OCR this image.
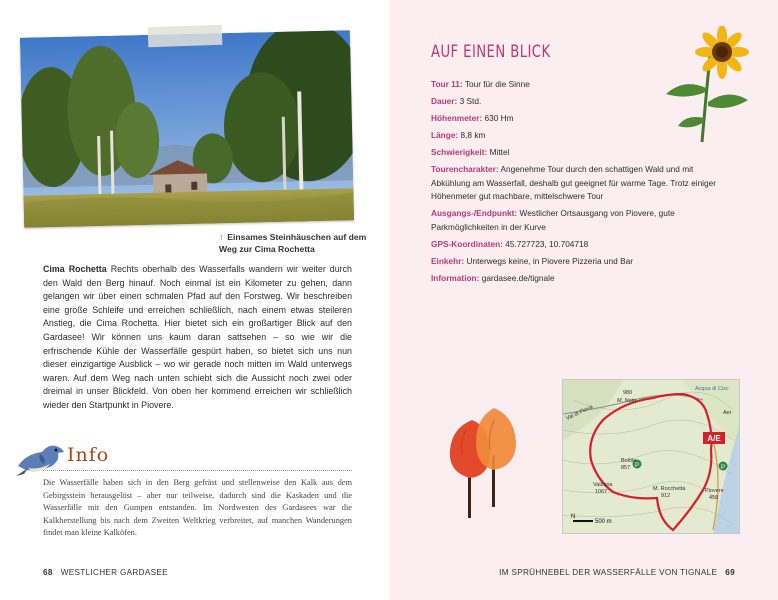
↑ Einsames Steinhäuschen auf dem Weg zur Cima Rochetta
Cima Rochetta Rechts oberhalb des Wasserfalls wandern wir weiter durch den Wald den Berg hinauf. Noch einmal ist ein Kilometer zu gehen, dann gelangen wir über einen schmalen Pfad auf den Forstweg. Wir beschreiben eine große Schleife und erreichen schließlich, nach einem etwas steileren Anstieg, die Cima Rochetta. Hier bietet sich ein großartiger Blick auf den Gardasee! Wir können uns kaum daran sattsehen – so wie wir die erfrischende Kühle der Wasserfälle gespürt haben, so bietet sich uns nun dieser einzigartige Ausblick – wo wir gerade noch mitten im Wald unterwegs waren. Auf dem Weg nach unten schiebt sich die Aussicht noch zwei oder dreimal in unser Blickfeld. Von oben her kommend erreichen wir schließlich wieder den Startpunkt in Piovere.
Info
Die Wasserfälle haben sich in den Berg gefräst und stellenweise den Kalk aus dem Gebirgsstein herausgelöst – aber nur teilweise, dadurch sind die Kaskaden und die Wasserfälle mit den Gumpen entstanden. Im Nordwesten des Gardasees war die Kalkherstellung bis nach dem Zweiten Weltkrieg verbreitet, auf manchen Wanderungen findet man kleine Kalköfen.
68 WESTLICHER GARDASEE
AUF EINEN BLICK
Tour 11: Tour für die Sinne
Dauer: 3 Std.
Höhenmeter: 630 Hm
Länge: 8,8 km
Schwierigkeit: Mittel
Tourencharakter: Angenehme Tour durch den schattigen Wald und mit Abkühlung am Wasserfall, deshalb gut geeignet für warme Tage. Trotz einiger Höhenmeter gut machbare, mittelschwere Tour
Ausgangs-/Endpunkt: Westlicher Ortsausgang von Piovere, gute Parkmöglichkeiten in der Kurve
GPS-Koordinaten: 45.727723, 10.704718
Einkehr: Unterwegs keine, in Piovere Pizzeria und Bar
Information: gardasee.de/tignale
A/E
P	P
980
M. Nota
Bolöle
857
Valzana
1067	M. Rocchetta
912
Piovere
458
Acqua di Cisc
Val di Piova	Aer
500 m
N
IM SPRÜHNEBEL DER WASSERFÄLLE VON TIGNALE 69
